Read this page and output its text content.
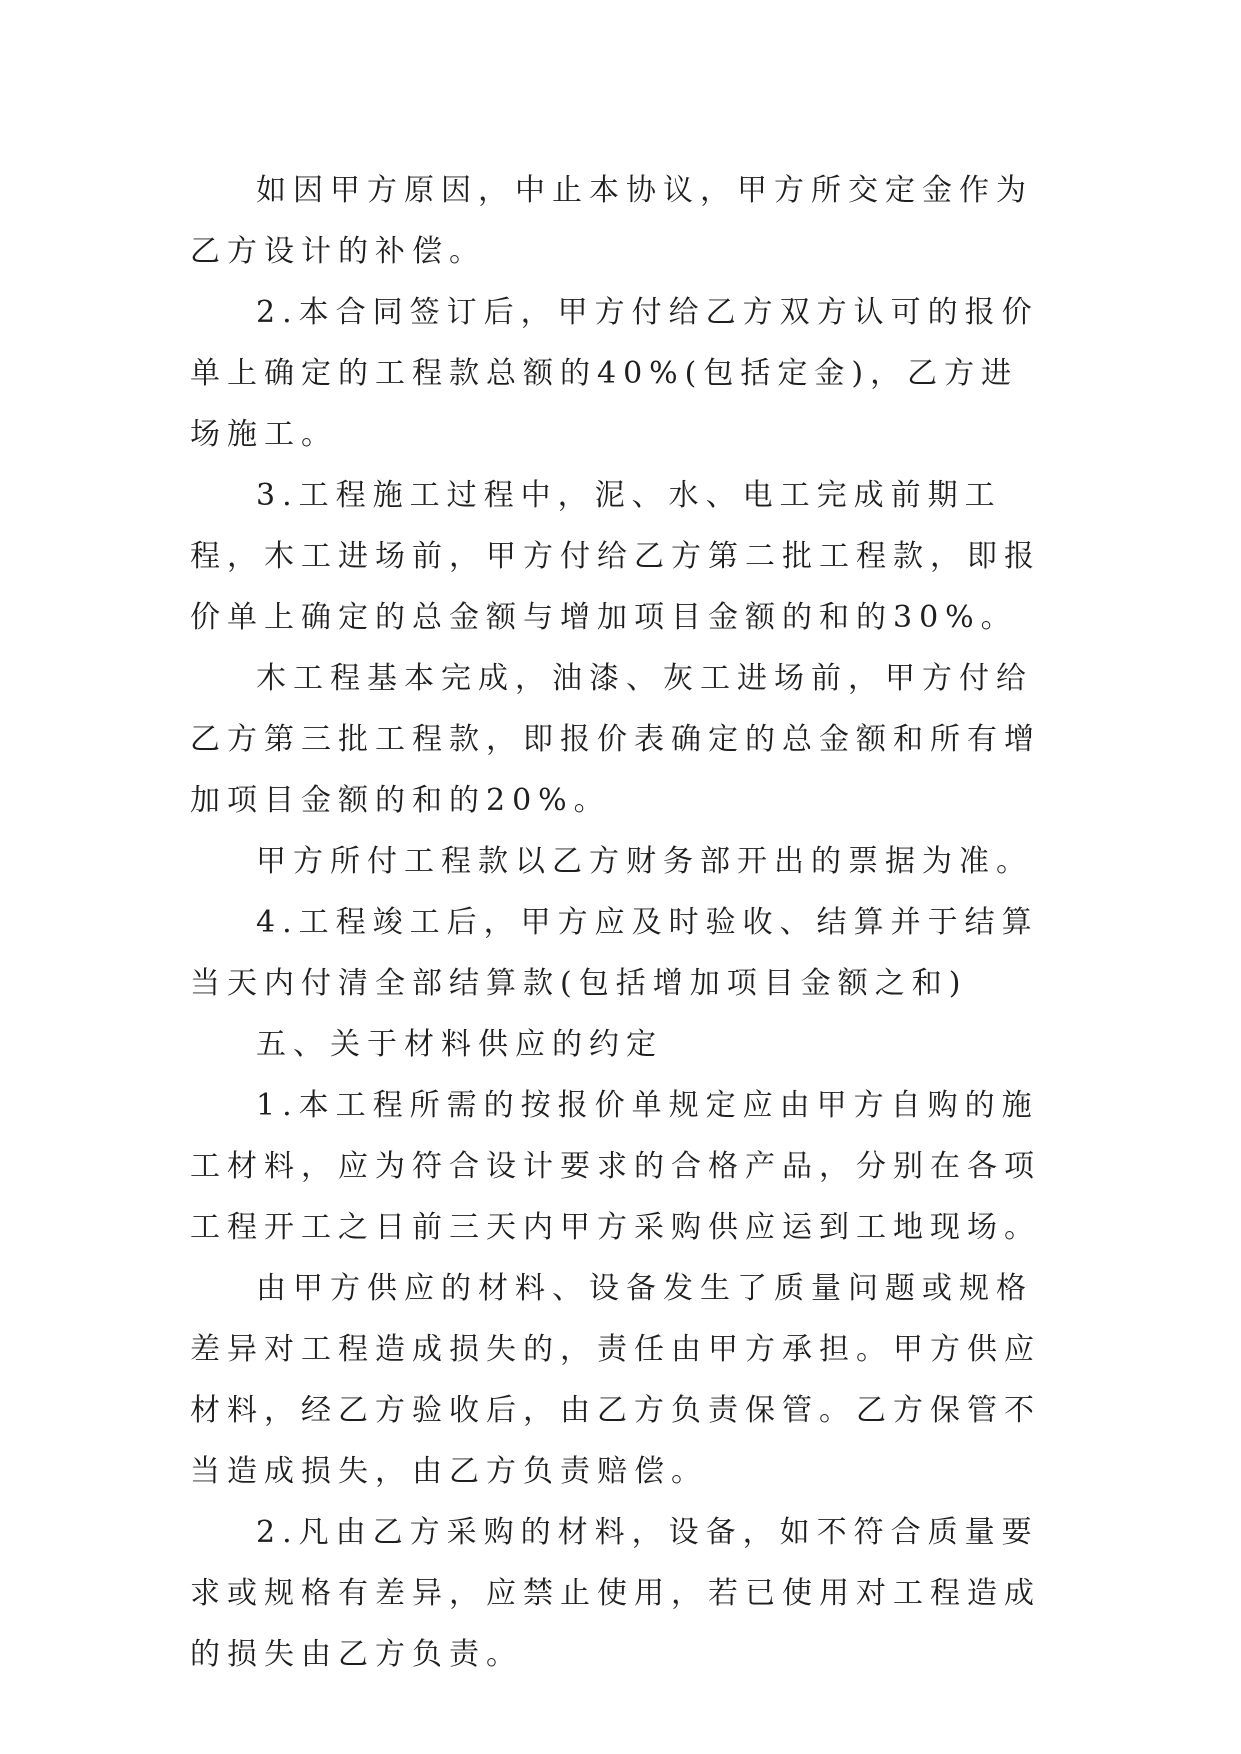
如因甲方原因，中止本协议，甲方所交定金作为乙方设计的补偿。

2.本合同签订后，甲方付给乙方双方认可的报价单上确定的工程款总额的40%(包括定金)，乙方进场施工。

3.工程施工过程中，泥、水、电工完成前期工程，木工进场前，甲方付给乙方第二批工程款，即报价单上确定的总金额与增加项目金额的和的30%。

木工程基本完成，油漆、灰工进场前，甲方付给乙方第三批工程款，即报价表确定的总金额和所有增加项目金额的和的20%。

甲方所付工程款以乙方财务部开出的票据为准。

4.工程竣工后，甲方应及时验收、结算并于结算当天内付清全部结算款(包括增加项目金额之和)

五、关于材料供应的约定

1.本工程所需的按报价单规定应由甲方自购的施工材料，应为符合设计要求的合格产品，分别在各项工程开工之日前三天内甲方采购供应运到工地现场。

由甲方供应的材料、设备发生了质量问题或规格差异对工程造成损失的，责任由甲方承担。甲方供应材料，经乙方验收后，由乙方负责保管。乙方保管不当造成损失，由乙方负责赔偿。

2.凡由乙方采购的材料，设备，如不符合质量要求或规格有差异，应禁止使用，若已使用对工程造成的损失由乙方负责。
